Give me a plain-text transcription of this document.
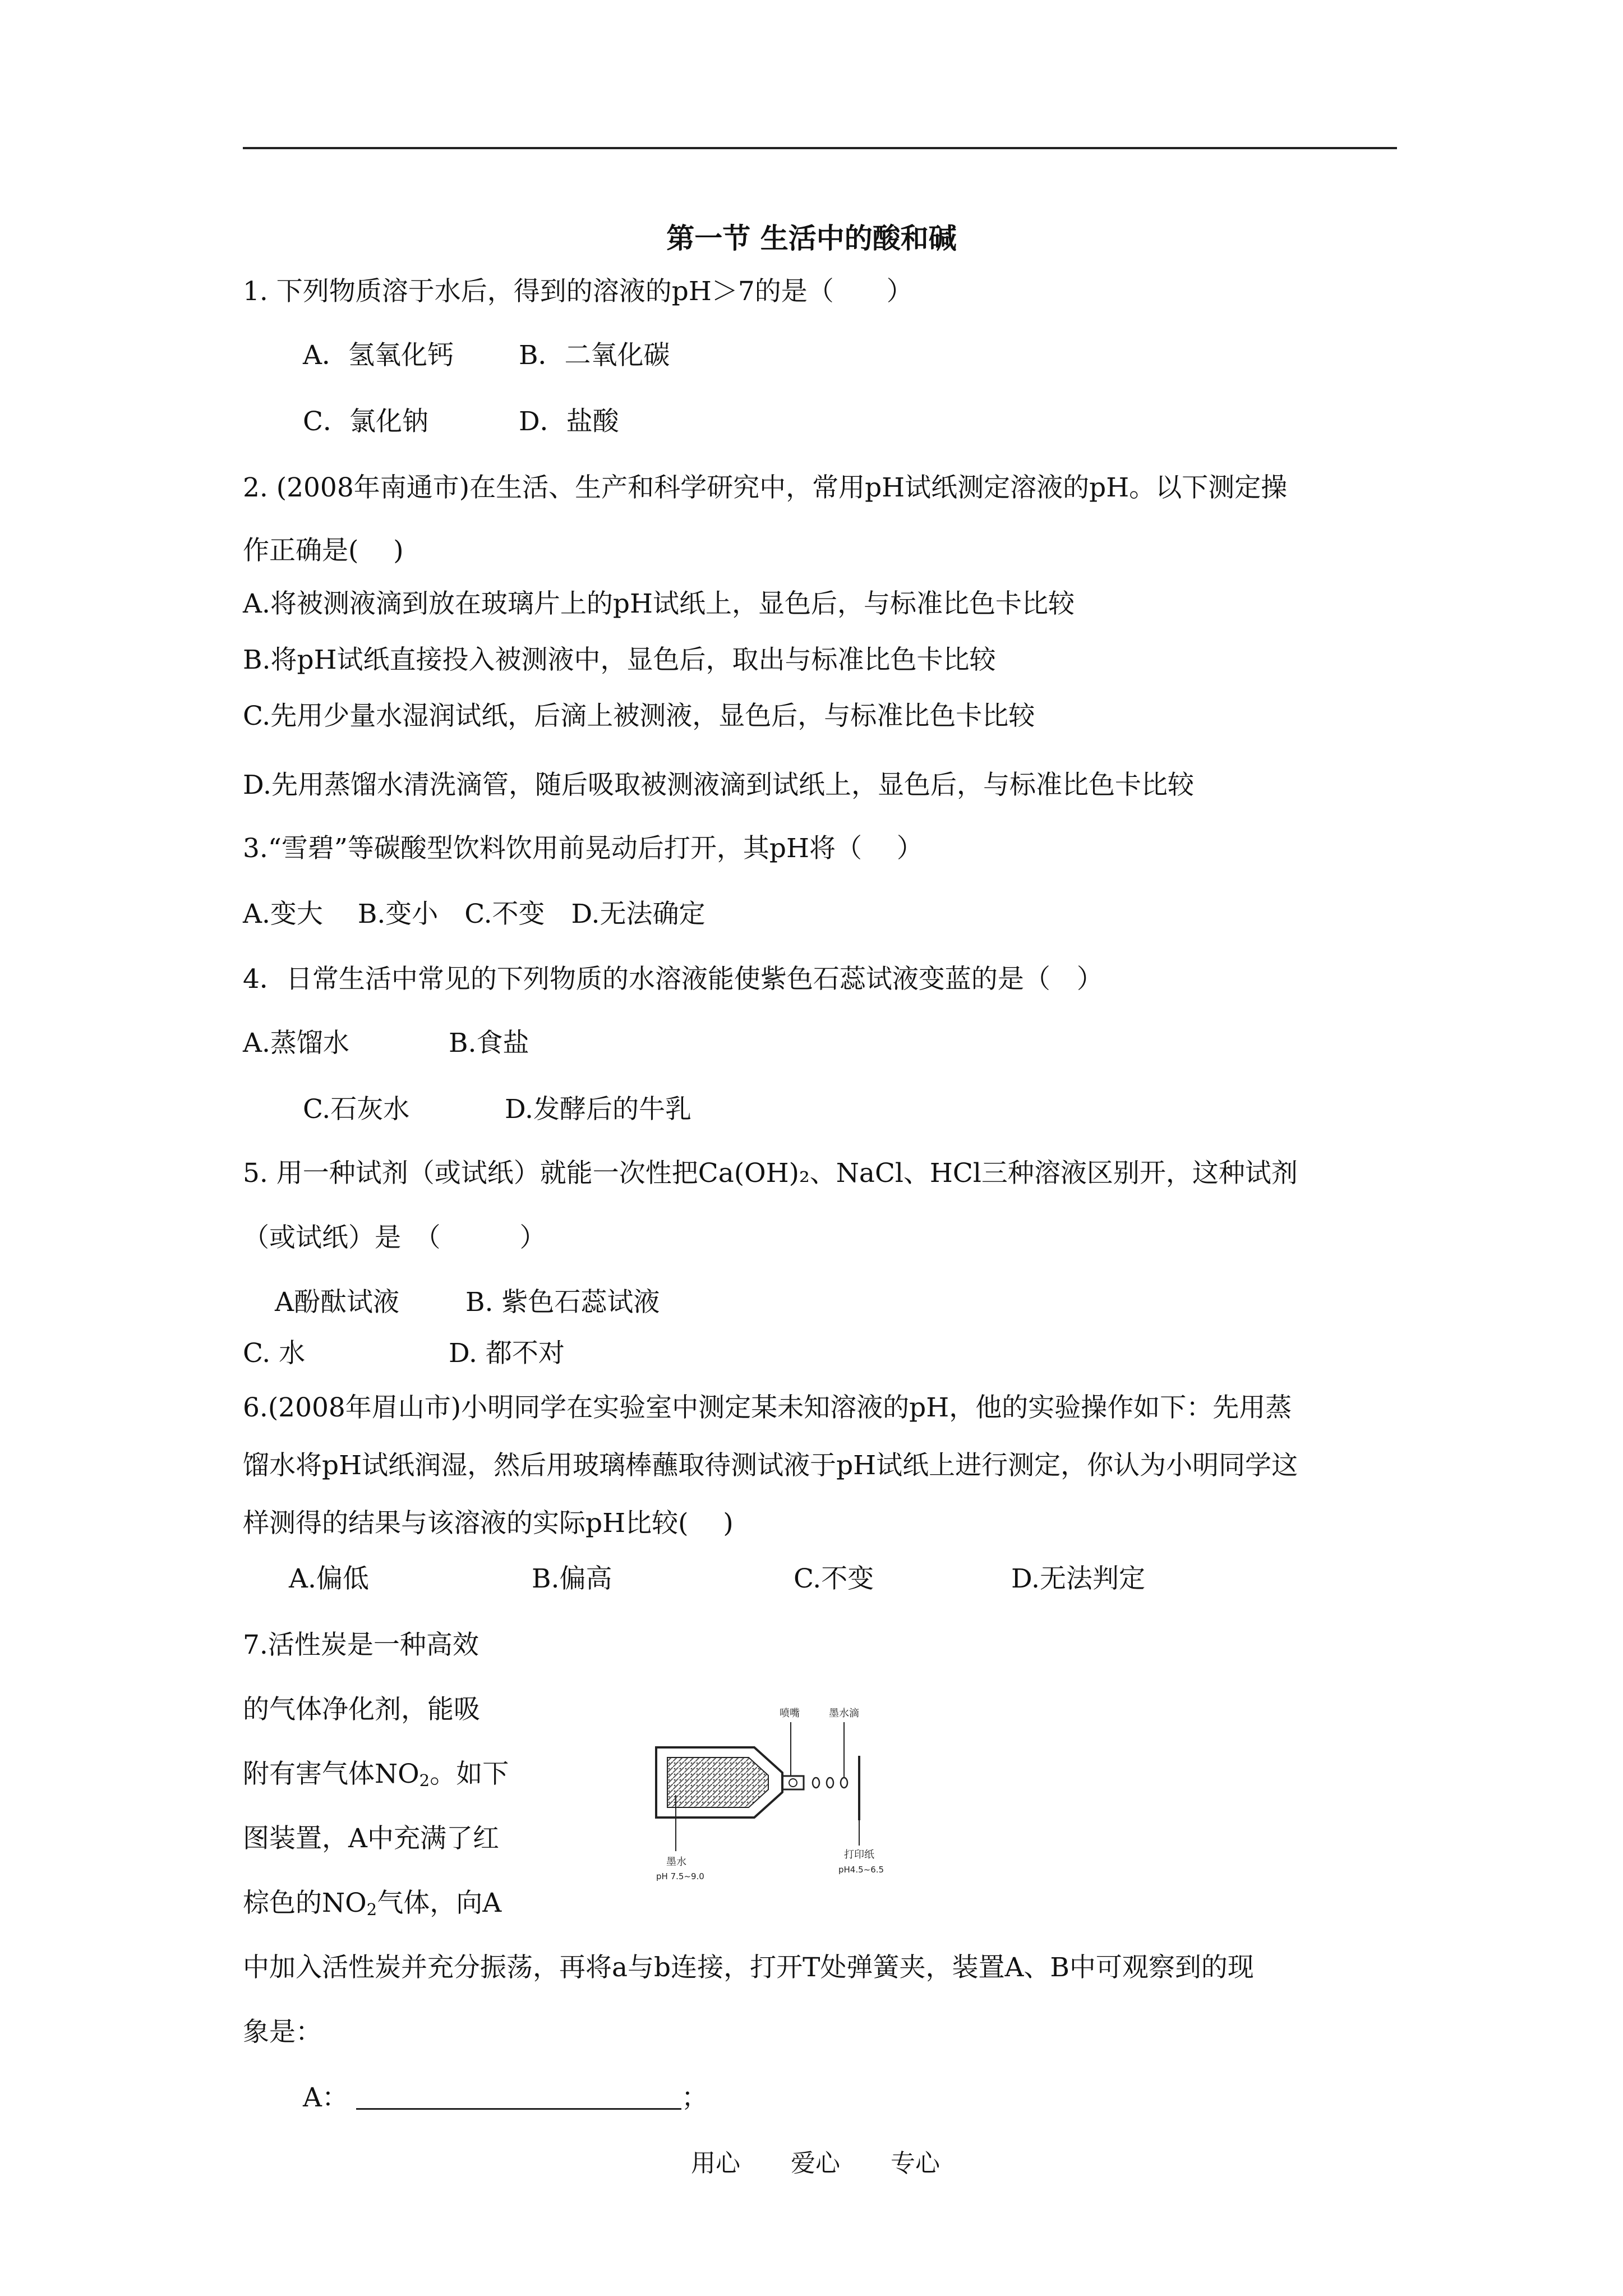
第一节 生活中的酸和碱
1. 下列物质溶于水后，得到的溶液的pH＞7的是（　　）
A．氢氧化钙 B．二氧化碳
C．氯化钠	D．盐酸
2. (2008年南通市)在生活、生产和科学研究中，常用pH试纸测定溶液的pH。以下测定操
作正确是(　 )
A.将被测液滴到放在玻璃片上的pH试纸上，显色后，与标准比色卡比较
B.将pH试纸直接投入被测液中，显色后，取出与标准比色卡比较
C.先用少量水湿润试纸，后滴上被测液，显色后，与标准比色卡比较
D.先用蒸馏水清洗滴管，随后吸取被测液滴到试纸上，显色后，与标准比色卡比较
3.“雪碧”等碳酸型饮料饮用前晃动后打开，其pH将（　 ）
A.变大　 B.变小　C.不变　D.无法确定
4．日常生活中常见的下列物质的水溶液能使紫色石蕊试液变蓝的是（　）
A.蒸馏水	B.食盐
C.石灰水	D.发酵后的牛乳
5. 用一种试剂（或试纸）就能一次性把Ca(OH)₂、NaCl、HCl三种溶液区别开，这种试剂
（或试纸）是　（　　　）
A酚酞试液	B. 紫色石蕊试液
C. 水	D. 都不对
6.(2008年眉山市)小明同学在实验室中测定某未知溶液的pH，他的实验操作如下：先用蒸
馏水将pH试纸润湿，然后用玻璃棒蘸取待测试液于pH试纸上进行测定，你认为小明同学这
样测得的结果与该溶液的实际pH比较(　 )
A.偏低	B.偏高	C.不变	D.无法判定
7.活性炭是一种高效
的气体净化剂，能吸
附有害气体$NO_2$。如下
图装置，A中充满了红
棕色的$NO_2$气体，向A
中加入活性炭并充分振荡，再将a与b连接，打开T处弹簧夹，装置A、B中可观察到的现
象是：
A：	；
喷嘴	墨水滴
墨水
pH 7.5~9.0
打印纸
pH4.5~6.5
用心 爱心 专心
